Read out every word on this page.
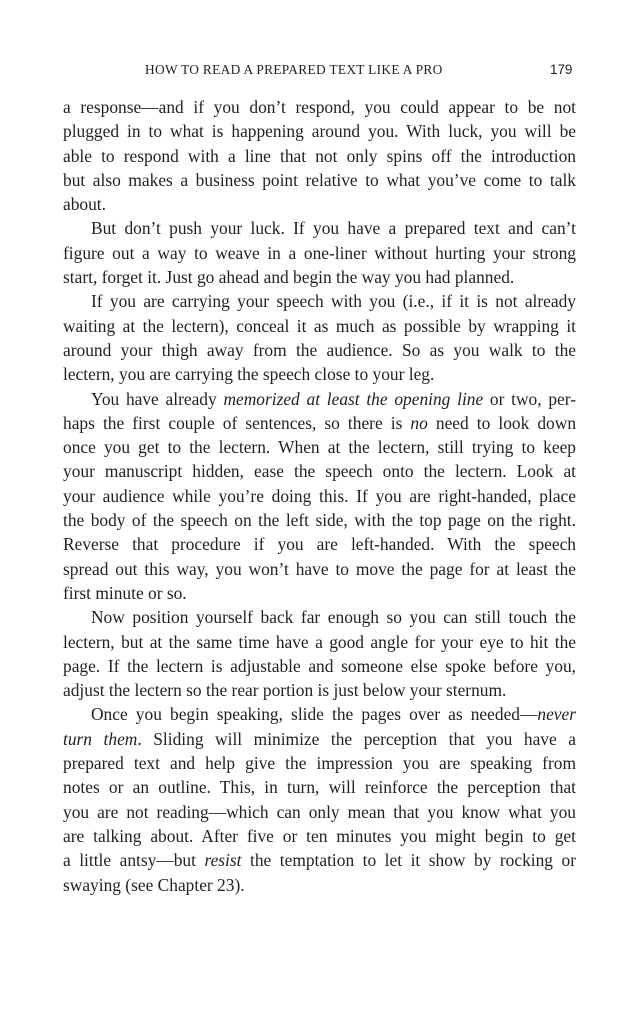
HOW TO READ A PREPARED TEXT LIKE A PRO	179
a response—and if you don’t respond, you could appear to be not
plugged in to what is happening around you. With luck, you will be
able to respond with a line that not only spins off the introduction
but also makes a business point relative to what you’ve come to talk
about.
But don’t push your luck. If you have a prepared text and can’t
figure out a way to weave in a one-liner without hurting your strong
start, forget it. Just go ahead and begin the way you had planned.
If you are carrying your speech with you (i.e., if it is not already
waiting at the lectern), conceal it as much as possible by wrapping it
around your thigh away from the audience. So as you walk to the
lectern, you are carrying the speech close to your leg.
You have already memorized at least the opening line or two, per-
haps the first couple of sentences, so there is no need to look down
once you get to the lectern. When at the lectern, still trying to keep
your manuscript hidden, ease the speech onto the lectern. Look at
your audience while you’re doing this. If you are right-handed, place
the body of the speech on the left side, with the top page on the right.
Reverse that procedure if you are left-handed. With the speech
spread out this way, you won’t have to move the page for at least the
first minute or so.
Now position yourself back far enough so you can still touch the
lectern, but at the same time have a good angle for your eye to hit the
page. If the lectern is adjustable and someone else spoke before you,
adjust the lectern so the rear portion is just below your sternum.
Once you begin speaking, slide the pages over as needed—never
turn them. Sliding will minimize the perception that you have a
prepared text and help give the impression you are speaking from
notes or an outline. This, in turn, will reinforce the perception that
you are not reading—which can only mean that you know what you
are talking about. After five or ten minutes you might begin to get
a little antsy—but resist the temptation to let it show by rocking or
swaying (see Chapter 23).
